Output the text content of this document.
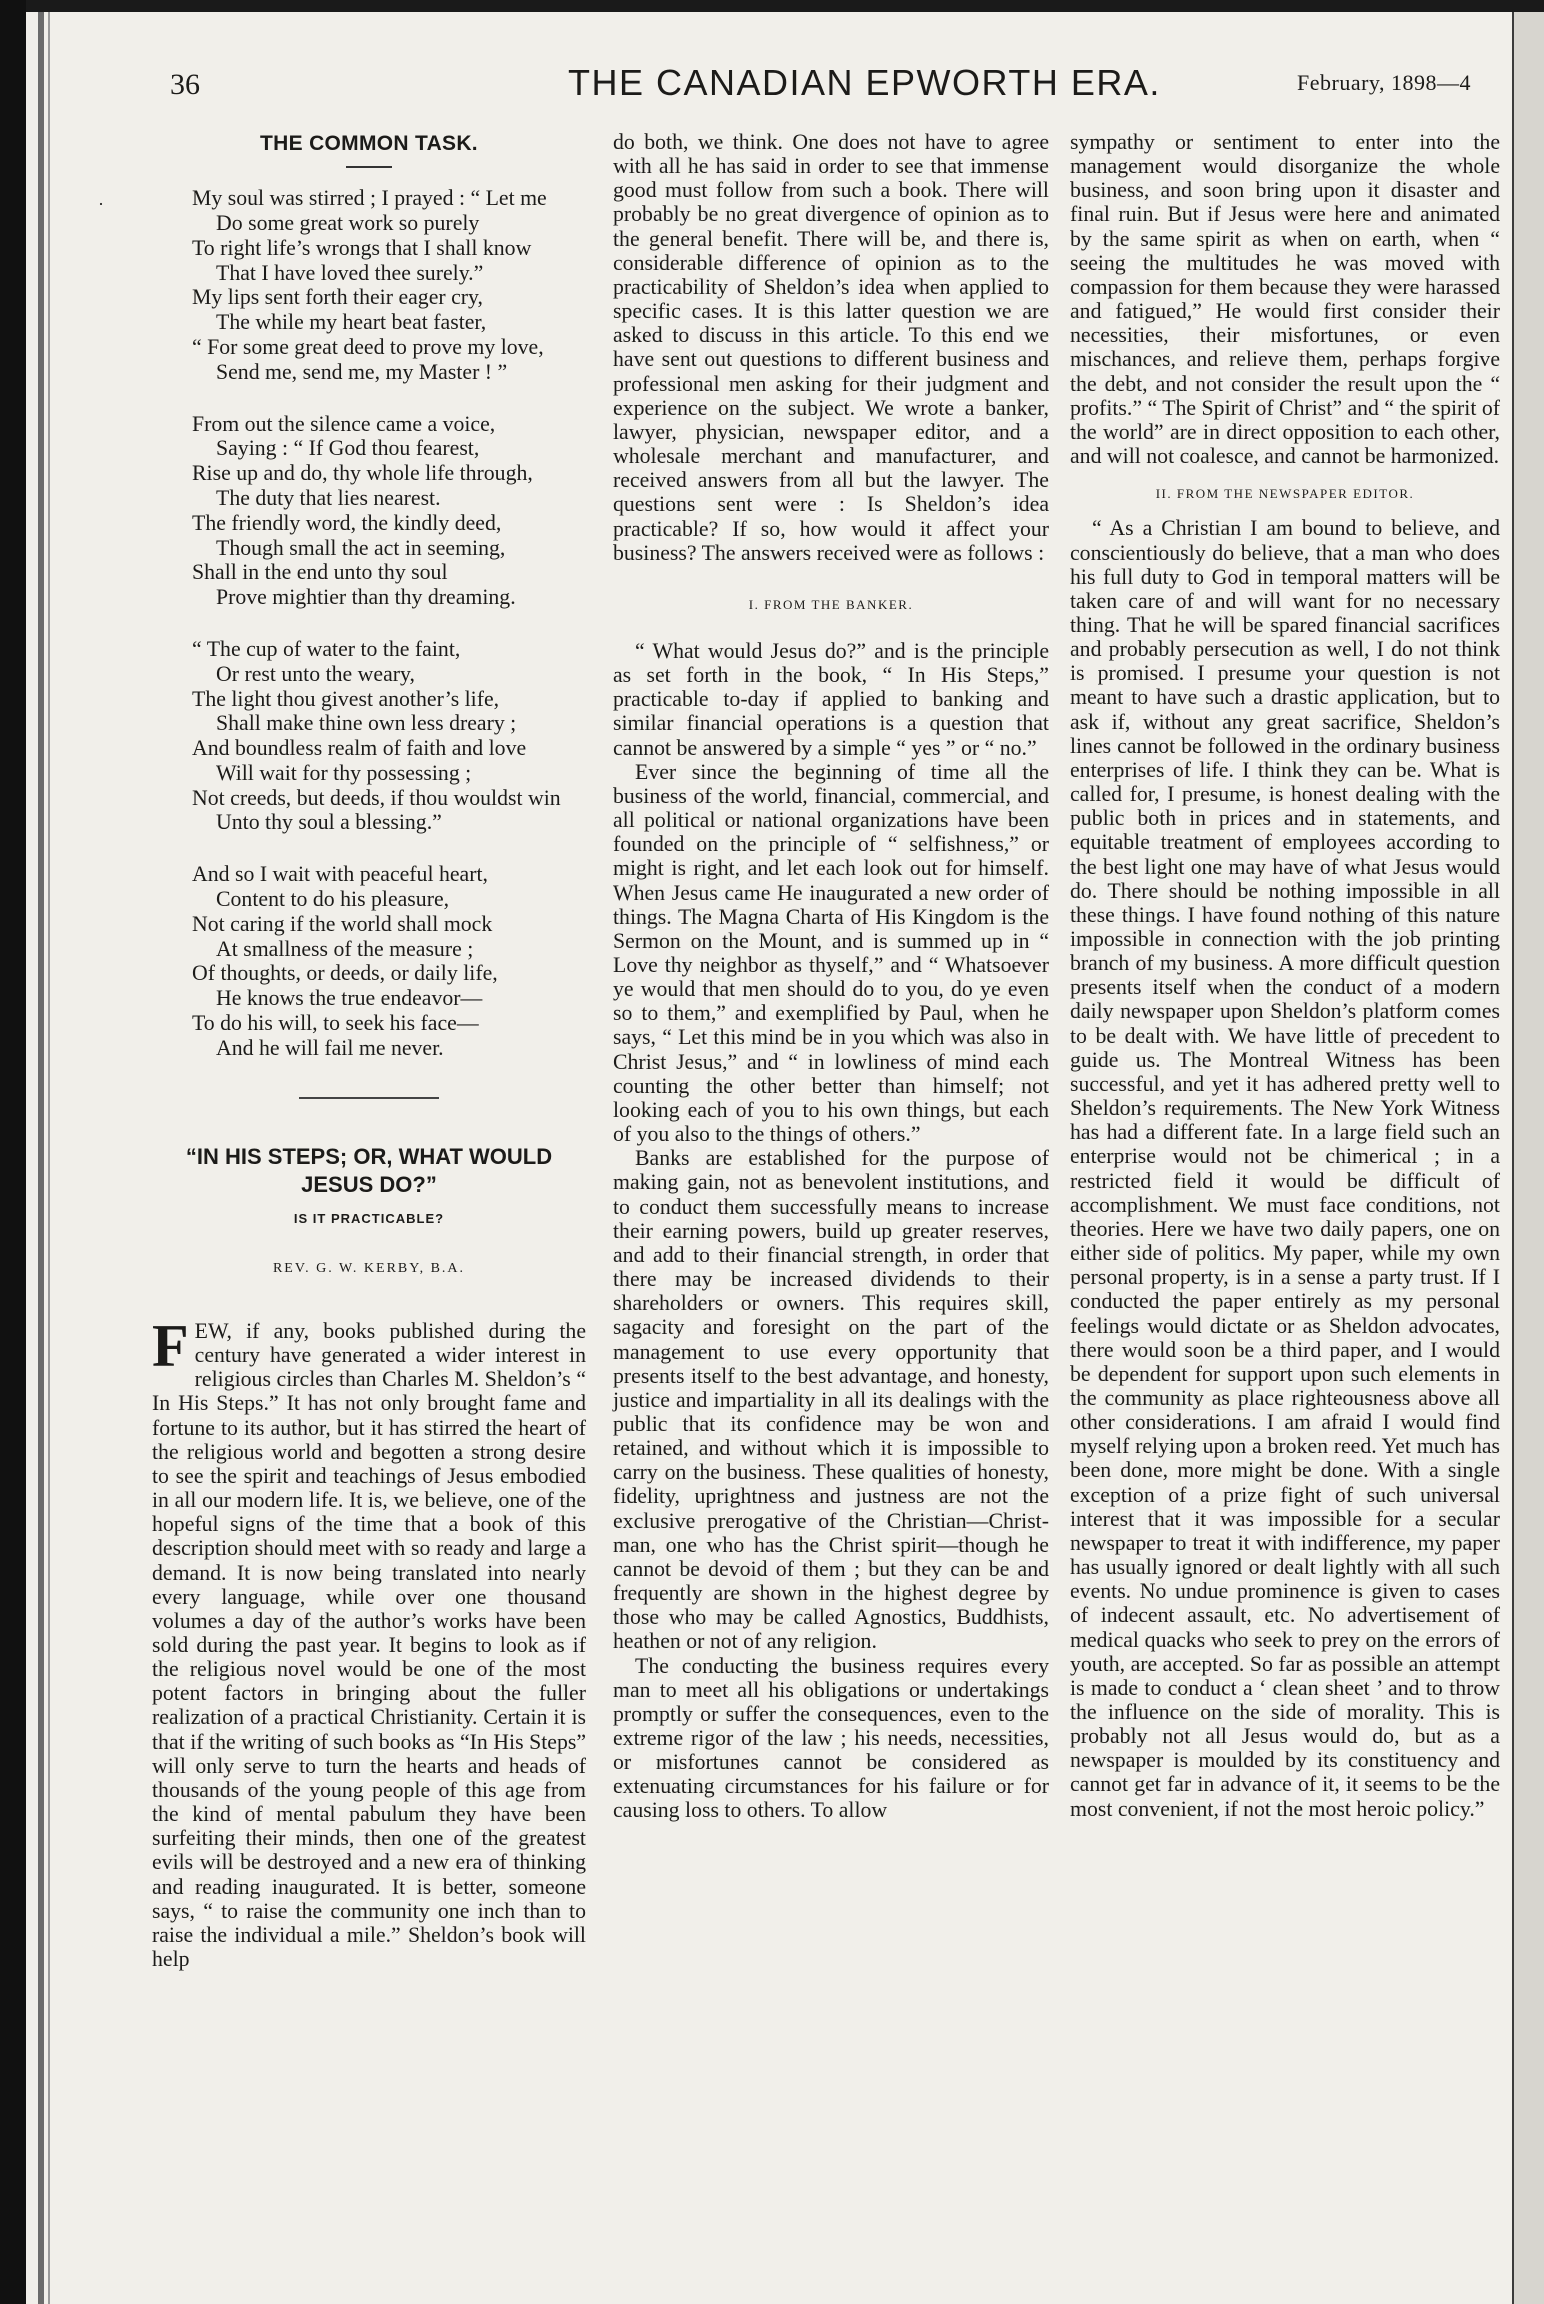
36	THE CANADIAN EPWORTH ERA.	February, 1898—4
·
THE COMMON TASK.
My soul was stirred ; I prayed : “ Let me
Do some great work so purely
To right life’s wrongs that I shall know
That I have loved thee surely.”
My lips sent forth their eager cry,
The while my heart beat faster,
“ For some great deed to prove my love,
Send me, send me, my Master ! ”
From out the silence came a voice,
Saying : “ If God thou fearest,
Rise up and do, thy whole life through,
The duty that lies nearest.
The friendly word, the kindly deed,
Though small the act in seeming,
Shall in the end unto thy soul
Prove mightier than thy dreaming.
“ The cup of water to the faint,
Or rest unto the weary,
The light thou givest another’s life,
Shall make thine own less dreary ;
And boundless realm of faith and love
Will wait for thy possessing ;
Not creeds, but deeds, if thou wouldst win
Unto thy soul a blessing.”
And so I wait with peaceful heart,
Content to do his pleasure,
Not caring if the world shall mock
At smallness of the measure ;
Of thoughts, or deeds, or daily life,
He knows the true endeavor—
To do his will, to seek his face—
And he will fail me never.
“IN HIS STEPS; OR, WHAT WOULD JESUS DO?”
IS IT PRACTICABLE?
REV. G. W. KERBY, B.A.

FEW, if any, books published during the century have generated a wider interest in religious circles than Charles M. Sheldon’s “ In His Steps.” It has not only brought fame and fortune to its author, but it has stirred the heart of the religious world and begotten a strong desire to see the spirit and teachings of Jesus embodied in all our modern life. It is, we believe, one of the hopeful signs of the time that a book of this description should meet with so ready and large a demand. It is now being translated into nearly every language, while over one thousand volumes a day of the author’s works have been sold during the past year. It begins to look as if the religious novel would be one of the most potent factors in bringing about the fuller realization of a practical Christianity. Certain it is that if the writing of such books as “In His Steps” will only serve to turn the hearts and heads of thousands of the young people of this age from the kind of mental pabulum they have been surfeiting their minds, then one of the greatest evils will be destroyed and a new era of thinking and reading inaugurated. It is better, someone says, “ to raise the community one inch than to raise the individual a mile.” Sheldon’s book will help

do both, we think. One does not have to agree with all he has said in order to see that immense good must follow from such a book. There will probably be no great divergence of opinion as to the general benefit. There will be, and there is, considerable difference of opinion as to the practicability of Sheldon’s idea when applied to specific cases. It is this latter question we are asked to discuss in this article. To this end we have sent out questions to different business and professional men asking for their judgment and experience on the subject. We wrote a banker, lawyer, physician, newspaper editor, and a wholesale merchant and manufacturer, and received answers from all but the lawyer. The questions sent were : Is Sheldon’s idea practicable? If so, how would it affect your business? The answers received were as follows :

I. FROM THE BANKER.

“ What would Jesus do?” and is the principle as set forth in the book, “ In His Steps,” practicable to-day if applied to banking and similar financial operations is a question that cannot be answered by a simple “ yes ” or “ no.”

Ever since the beginning of time all the business of the world, financial, commercial, and all political or national organizations have been founded on the principle of “ selfishness,” or might is right, and let each look out for himself. When Jesus came He inaugurated a new order of things. The Magna Charta of His Kingdom is the Sermon on the Mount, and is summed up in “ Love thy neighbor as thyself,” and “ Whatsoever ye would that men should do to you, do ye even so to them,” and exemplified by Paul, when he says, “ Let this mind be in you which was also in Christ Jesus,” and “ in lowliness of mind each counting the other better than himself; not looking each of you to his own things, but each of you also to the things of others.”

Banks are established for the purpose of making gain, not as benevolent institutions, and to conduct them successfully means to increase their earning powers, build up greater reserves, and add to their financial strength, in order that there may be increased dividends to their shareholders or owners. This requires skill, sagacity and foresight on the part of the management to use every opportunity that presents itself to the best advantage, and honesty, justice and impartiality in all its dealings with the public that its confidence may be won and retained, and without which it is impossible to carry on the business. These qualities of honesty, fidelity, uprightness and justness are not the exclusive prerogative of the Christian—Christ-man, one who has the Christ spirit—though he cannot be devoid of them ; but they can be and frequently are shown in the highest degree by those who may be called Agnostics, Buddhists, heathen or not of any religion.

The conducting the business requires every man to meet all his obligations or undertakings promptly or suffer the consequences, even to the extreme rigor of the law ; his needs, necessities, or misfortunes cannot be considered as extenuating circumstances for his failure or for causing loss to others. To allow

sympathy or sentiment to enter into the management would disorganize the whole business, and soon bring upon it disaster and final ruin. But if Jesus were here and animated by the same spirit as when on earth, when “ seeing the multitudes he was moved with compassion for them because they were harassed and fatigued,” He would first consider their necessities, their misfortunes, or even mischances, and relieve them, perhaps forgive the debt, and not consider the result upon the “ profits.” “ The Spirit of Christ” and “ the spirit of the world” are in direct opposition to each other, and will not coalesce, and cannot be harmonized.

II. FROM THE NEWSPAPER EDITOR.

“ As a Christian I am bound to believe, and conscientiously do believe, that a man who does his full duty to God in temporal matters will be taken care of and will want for no necessary thing. That he will be spared financial sacrifices and probably persecution as well, I do not think is promised. I presume your question is not meant to have such a drastic application, but to ask if, without any great sacrifice, Sheldon’s lines cannot be followed in the ordinary business enterprises of life. I think they can be. What is called for, I presume, is honest dealing with the public both in prices and in statements, and equitable treatment of employees according to the best light one may have of what Jesus would do. There should be nothing impossible in all these things. I have found nothing of this nature impossible in connection with the job printing branch of my business. A more difficult question presents itself when the conduct of a modern daily newspaper upon Sheldon’s platform comes to be dealt with. We have little of precedent to guide us. The Montreal Witness has been successful, and yet it has adhered pretty well to Sheldon’s requirements. The New York Witness has had a different fate. In a large field such an enterprise would not be chimerical ; in a restricted field it would be difficult of accomplishment. We must face conditions, not theories. Here we have two daily papers, one on either side of politics. My paper, while my own personal property, is in a sense a party trust. If I conducted the paper entirely as my personal feelings would dictate or as Sheldon advocates, there would soon be a third paper, and I would be dependent for support upon such elements in the community as place righteousness above all other considerations. I am afraid I would find myself relying upon a broken reed. Yet much has been done, more might be done. With a single exception of a prize fight of such universal interest that it was impossible for a secular newspaper to treat it with indifference, my paper has usually ignored or dealt lightly with all such events. No undue prominence is given to cases of indecent assault, etc. No advertisement of medical quacks who seek to prey on the errors of youth, are accepted. So far as possible an attempt is made to conduct a ‘ clean sheet ’ and to throw the influence on the side of morality. This is probably not all Jesus would do, but as a newspaper is moulded by its constituency and cannot get far in advance of it, it seems to be the most convenient, if not the most heroic policy.”
